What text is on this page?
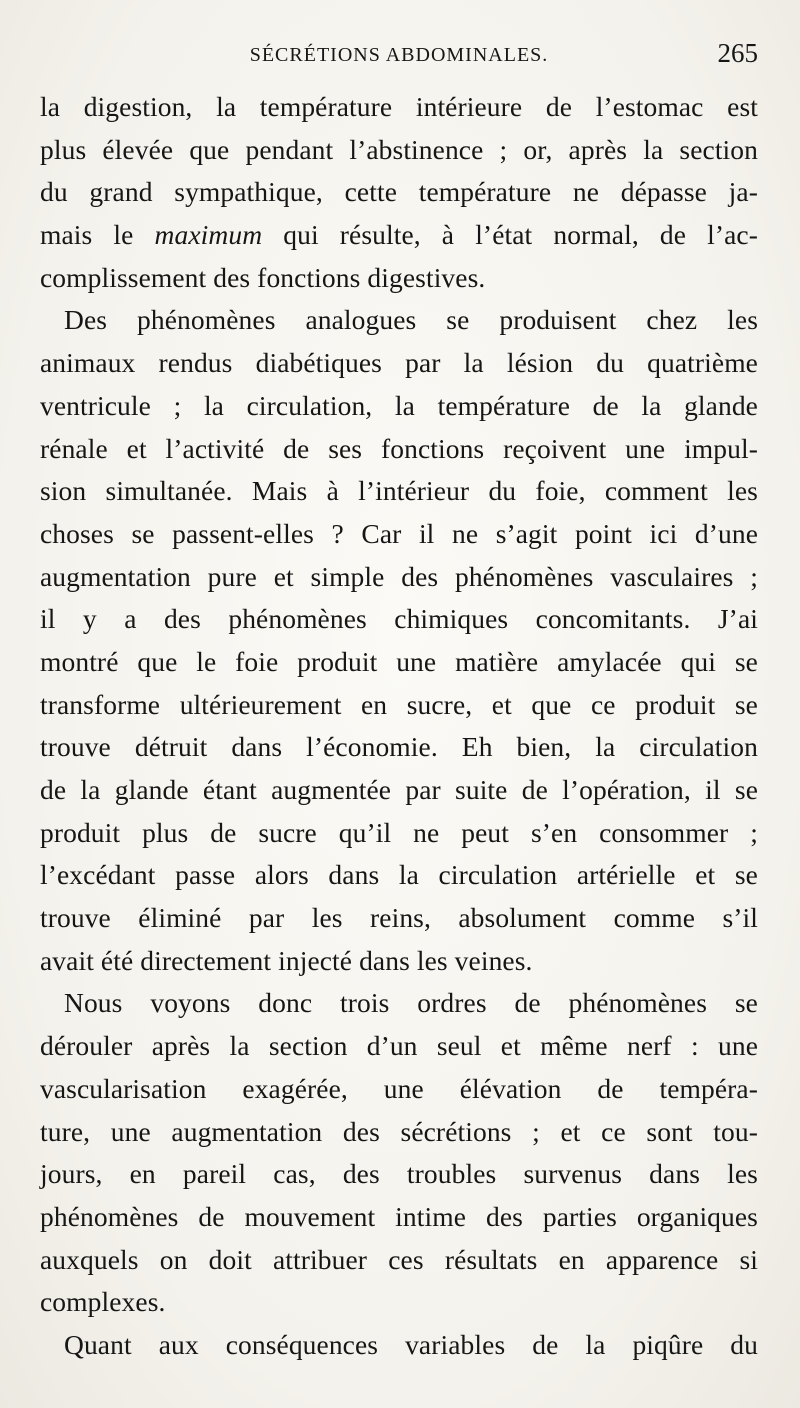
SÉCRÉTIONS ABDOMINALES.	265
la digestion, la température intérieure de l’estomac est
plus élevée que pendant l’abstinence ; or, après la section
du grand sympathique, cette température ne dépasse ja-
mais le maximum qui résulte, à l’état normal, de l’ac-
complissement des fonctions digestives.
Des phénomènes analogues se produisent chez les
animaux rendus diabétiques par la lésion du quatrième
ventricule ; la circulation, la température de la glande
rénale et l’activité de ses fonctions reçoivent une impul-
sion simultanée. Mais à l’intérieur du foie, comment les
choses se passent-elles ? Car il ne s’agit point ici d’une
augmentation pure et simple des phénomènes vasculaires ;
il y a des phénomènes chimiques concomitants. J’ai
montré que le foie produit une matière amylacée qui se
transforme ultérieurement en sucre, et que ce produit se
trouve détruit dans l’économie. Eh bien, la circulation
de la glande étant augmentée par suite de l’opération, il se
produit plus de sucre qu’il ne peut s’en consommer ;
l’excédant passe alors dans la circulation artérielle et se
trouve éliminé par les reins, absolument comme s’il
avait été directement injecté dans les veines.
Nous voyons donc trois ordres de phénomènes se
dérouler après la section d’un seul et même nerf : une
vascularisation exagérée, une élévation de tempéra-
ture, une augmentation des sécrétions ; et ce sont tou-
jours, en pareil cas, des troubles survenus dans les
phénomènes de mouvement intime des parties organiques
auxquels on doit attribuer ces résultats en apparence si
complexes.
Quant aux conséquences variables de la piqûre du
